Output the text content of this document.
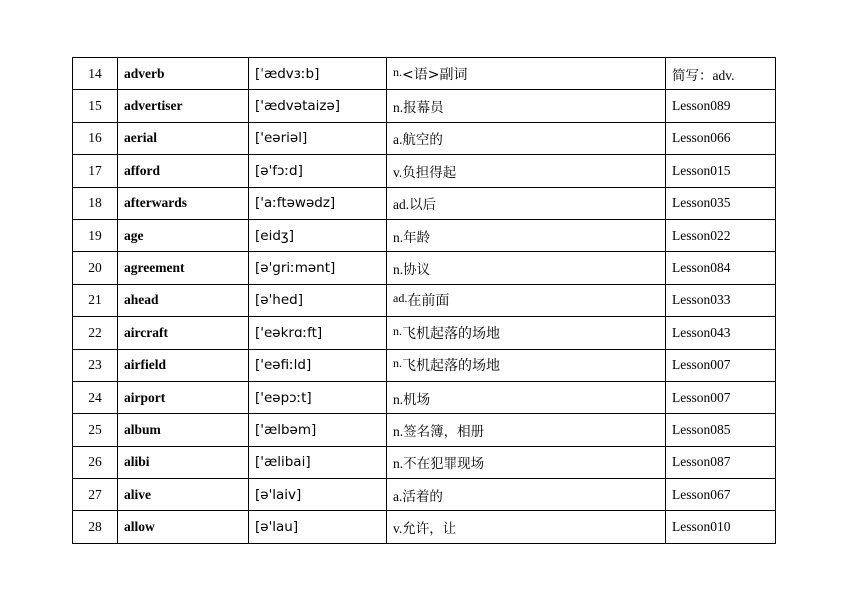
14	adverb	[ˈædvɜːb]	n.<语>副词	简写：adv.
15	advertiser	['ædvətaizə]	n.报幕员	Lesson089
16	aerial	['eəriəl]	a.航空的	Lesson066
17	afford	[ə'fɔːd]	v.负担得起	Lesson015
18	afterwards	['aːftəwədz]	ad.以后	Lesson035
19	age	[eidʒ]	n.年龄	Lesson022
20	agreement	[ə'griːmənt]	n.协议	Lesson084
21	ahead	[ə'hed]	ad.在前面	Lesson033
22	aircraft	['eəkrɑːft]	n.飞机起落的场地	Lesson043
23	airfield	['eəfiːld]	n.飞机起落的场地	Lesson007
24	airport	['eəpɔːt]	n.机场	Lesson007
25	album	['ælbəm]	n.签名簿，相册	Lesson085
26	alibi	['ælibai]	n.不在犯罪现场	Lesson087
27	alive	[ə'laiv]	a.活着的	Lesson067
28	allow	[ə'lau]	v.允许，让	Lesson010
